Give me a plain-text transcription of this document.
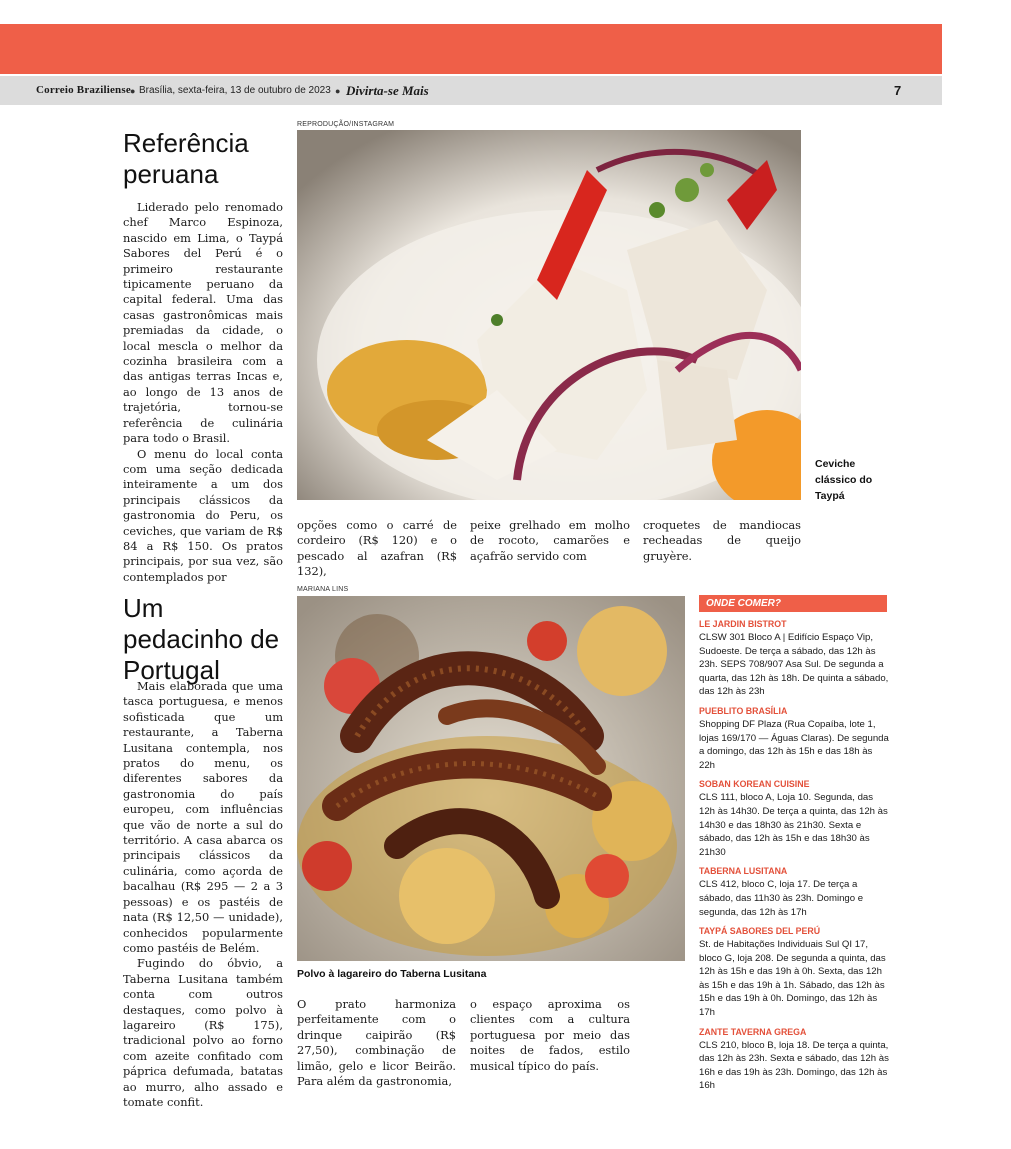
Correio Braziliense ● Brasília, sexta-feira, 13 de outubro de 2023 ● Divirta-se Mais	7
Referência peruana

Liderado pelo renomado chef Marco Espinoza, nascido em Lima, o Taypá Sabores del Perú é o primeiro restaurante tipicamente peruano da capital federal. Uma das casas gastronômicas mais premiadas da cidade, o local mescla o melhor da cozinha brasileira com a das antigas terras Incas e, ao longo de 13 anos de trajetória, tornou-se referência de culinária para todo o Brasil.

O menu do local conta com uma seção dedicada inteiramente a um dos principais clássicos da gastronomia do Peru, os ceviches, que variam de R$ 84 a R$ 150. Os pratos principais, por sua vez, são contemplados por

REPRODUÇÃO/INSTAGRAM
Ceviche clássico do Taypá

opções como o carré de cordeiro (R$ 120) e o pescado al azafran (R$ 132),

peixe grelhado em molho de rocoto, camarões e açafrão servido com

croquetes de mandiocas recheadas de queijo gruyère.

Um pedacinho de Portugal

Mais elaborada que uma tasca portuguesa, e menos sofisticada que um restaurante, a Taberna Lusitana contempla, nos pratos do menu, os diferentes sabores da gastronomia do país europeu, com influências que vão de norte a sul do território. A casa abarca os principais clássicos da culinária, como açorda de bacalhau (R$ 295 — 2 a 3 pessoas) e os pastéis de nata (R$ 12,50 — unidade), conhecidos popularmente como pastéis de Belém.

Fugindo do óbvio, a Taberna Lusitana também conta com outros destaques, como polvo à lagareiro (R$ 175), tradicional polvo ao forno com azeite confitado com páprica defumada, batatas ao murro, alho assado e tomate confit.

MARIANA LINS
Polvo à lagareiro do Taberna Lusitana

O prato harmoniza perfeitamente com o drinque caipirão (R$ 27,50), combinação de limão, gelo e licor Beirão. Para além da gastronomia,

o espaço aproxima os clientes com a cultura portuguesa por meio das noites de fados, estilo musical típico do país.

ONDE COMER?
LE JARDIN BISTROT
CLSW 301 Bloco A | Edifício Espaço Vip, Sudoeste. De terça a sábado, das 12h às 23h. SEPS 708/907 Asa Sul. De segunda a quarta, das 12h às 18h. De quinta a sábado, das 12h às 23h
PUEBLITO BRASÍLIA
Shopping DF Plaza (Rua Copaíba, lote 1, lojas 169/170 — Águas Claras). De segunda a domingo, das 12h às 15h e das 18h às 22h
SOBAN KOREAN CUISINE
CLS 111, bloco A, Loja 10. Segunda, das 12h às 14h30. De terça a quinta, das 12h às 14h30 e das 18h30 às 21h30. Sexta e sábado, das 12h às 15h e das 18h30 às 21h30
TABERNA LUSITANA
CLS 412, bloco C, loja 17. De terça a sábado, das 11h30 às 23h. Domingo e segunda, das 12h às 17h
TAYPÁ SABORES DEL PERÚ
St. de Habitações Individuais Sul QI 17, bloco G, loja 208. De segunda a quinta, das 12h às 15h e das 19h à 0h. Sexta, das 12h às 15h e das 19h à 1h. Sábado, das 12h às 15h e das 19h à 0h. Domingo, das 12h às 17h
ZANTE TAVERNA GREGA
CLS 210, bloco B, loja 18. De terça a quinta, das 12h às 23h. Sexta e sábado, das 12h às 16h e das 19h às 23h. Domingo, das 12h às 16h
